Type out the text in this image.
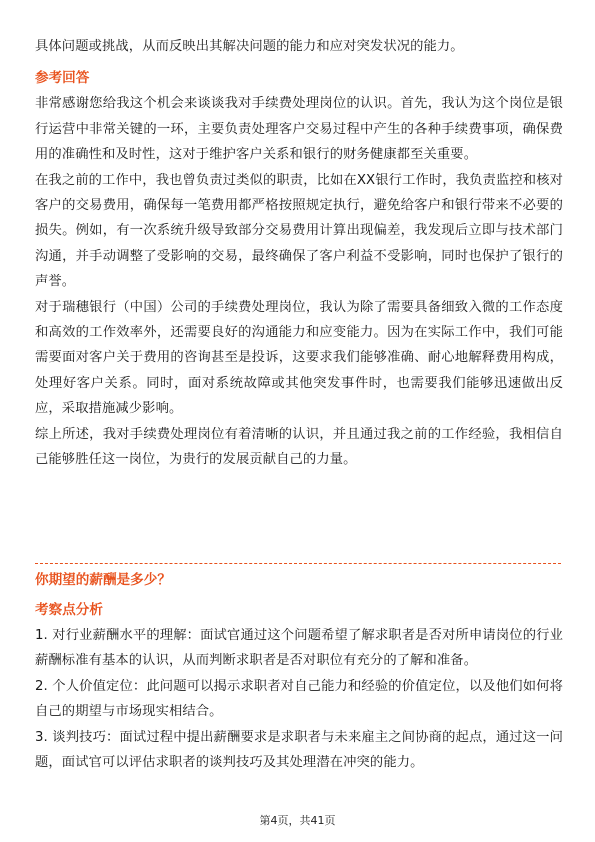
具体问题或挑战，从而反映出其解决问题的能力和应对突发状况的能力。

参考回答

非常感谢您给我这个机会来谈谈我对手续费处理岗位的认识。首先，我认为这个岗位是银行运营中非常关键的一环，主要负责处理客户交易过程中产生的各种手续费事项，确保费用的准确性和及时性，这对于维护客户关系和银行的财务健康都至关重要。

在我之前的工作中，我也曾负责过类似的职责，比如在XX银行工作时，我负责监控和核对客户的交易费用，确保每一笔费用都严格按照规定执行，避免给客户和银行带来不必要的损失。例如，有一次系统升级导致部分交易费用计算出现偏差，我发现后立即与技术部门沟通，并手动调整了受影响的交易，最终确保了客户利益不受影响，同时也保护了银行的声誉。

对于瑞穗银行（中国）公司的手续费处理岗位，我认为除了需要具备细致入微的工作态度和高效的工作效率外，还需要良好的沟通能力和应变能力。因为在实际工作中，我们可能需要面对客户关于费用的咨询甚至是投诉，这要求我们能够准确、耐心地解释费用构成，处理好客户关系。同时，面对系统故障或其他突发事件时，也需要我们能够迅速做出反应，采取措施减少影响。

综上所述，我对手续费处理岗位有着清晰的认识，并且通过我之前的工作经验，我相信自己能够胜任这一岗位，为贵行的发展贡献自己的力量。

你期望的薪酬是多少？

考察点分析

1. 对行业薪酬水平的理解：面试官通过这个问题希望了解求职者是否对所申请岗位的行业薪酬标准有基本的认识，从而判断求职者是否对职位有充分的了解和准备。

2. 个人价值定位：此问题可以揭示求职者对自己能力和经验的价值定位，以及他们如何将自己的期望与市场现实相结合。

3. 谈判技巧：面试过程中提出薪酬要求是求职者与未来雇主之间协商的起点，通过这一问题，面试官可以评估求职者的谈判技巧及其处理潜在冲突的能力。

第4页，共41页
